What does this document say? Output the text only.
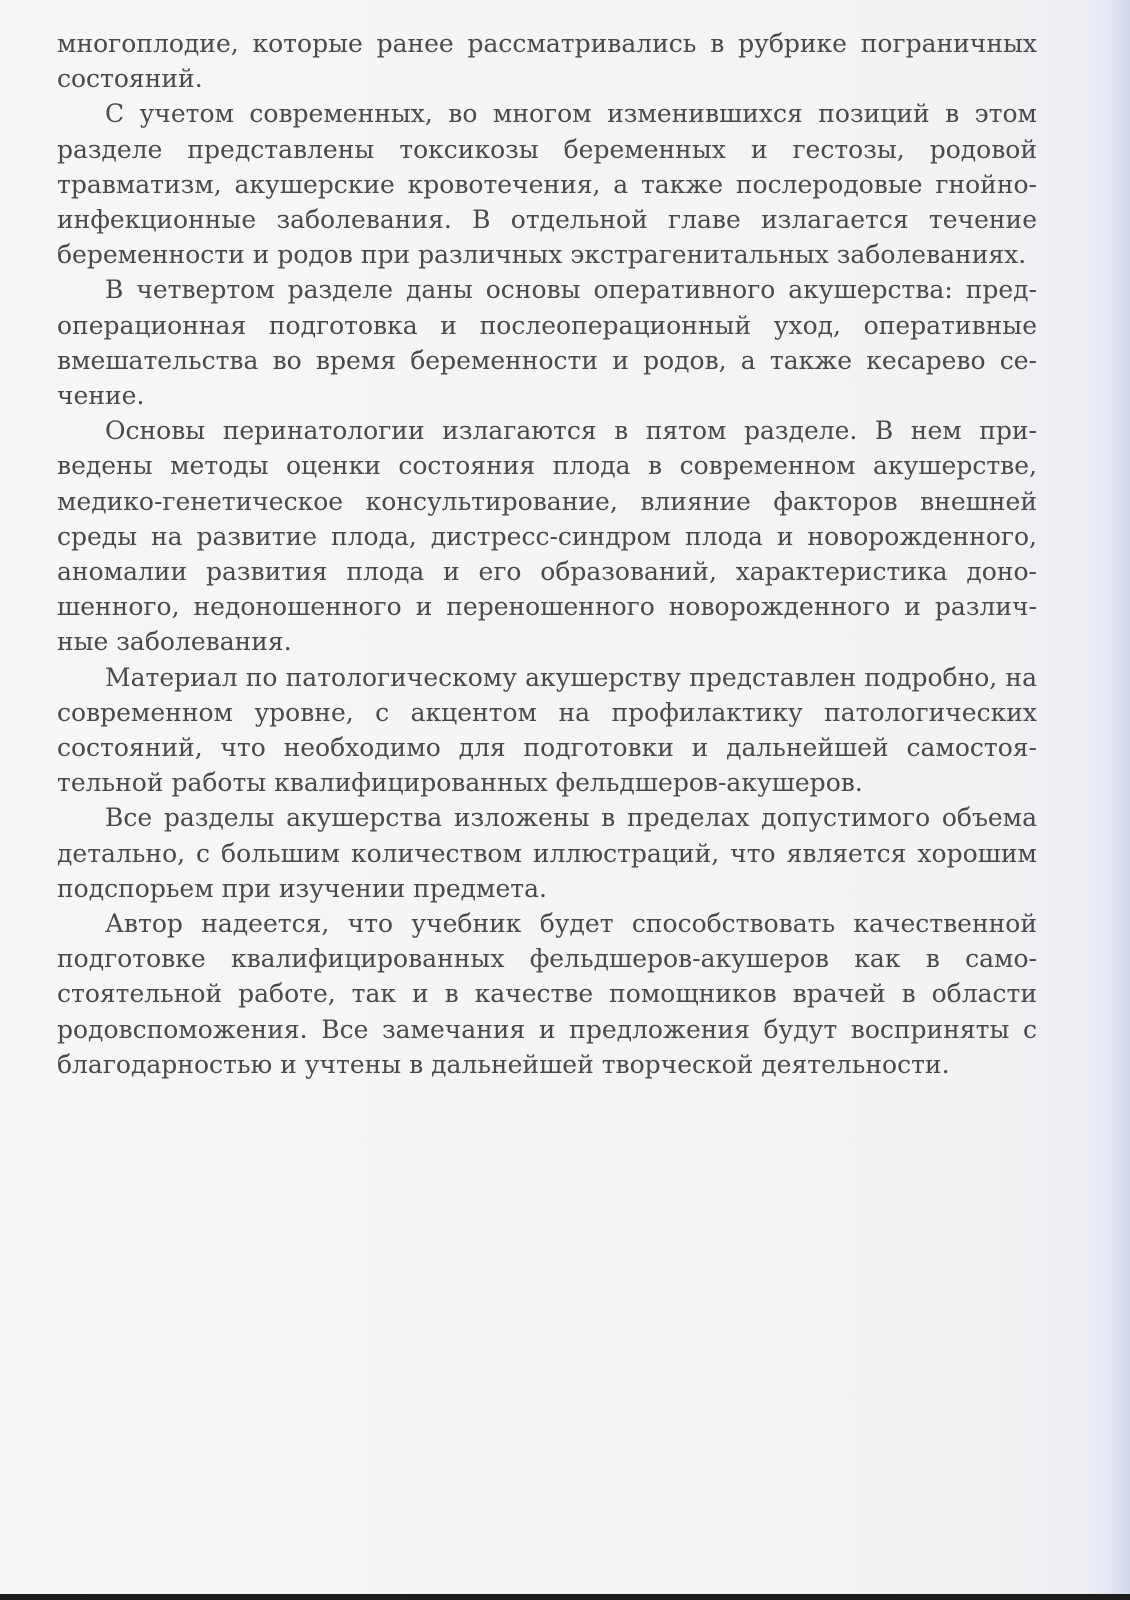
многоплодие, которые ранее рассматривались в рубрике пограничных состояний.

С учетом современных, во многом изменившихся позиций в этом разделе представлены токсикозы беременных и гестозы, родовой травматизм, акушерские кровотечения, а также послеродовые гнойно-инфекционные заболевания. В отдельной главе излагается течение беременности и родов при различных экстрагенитальных заболеваниях.

В четвертом разделе даны основы оперативного акушерства: предоперационная подготовка и послеоперационный уход, оперативные вмешательства во время беременности и родов, а также кесарево сечение.

Основы перинатологии излагаются в пятом разделе. В нем приведены методы оценки состояния плода в современном акушерстве, медико-генетическое консультирование, влияние факторов внешней среды на развитие плода, дистресс-синдром плода и новорожденного, аномалии развития плода и его образований, характеристика доношенного, недоношенного и переношенного новорожденного и различные заболевания.

Материал по патологическому акушерству представлен подробно, на современном уровне, с акцентом на профилактику патологических состояний, что необходимо для подготовки и дальнейшей самостоятельной работы квалифицированных фельдшеров-акушеров.

Все разделы акушерства изложены в пределах допустимого объема детально, с большим количеством иллюстраций, что является хорошим подспорьем при изучении предмета.

Автор надеется, что учебник будет способствовать качественной подготовке квалифицированных фельдшеров-акушеров как в самостоятельной работе, так и в качестве помощников врачей в области родовспоможения. Все замечания и предложения будут восприняты с благодарностью и учтены в дальнейшей творческой деятельности.
